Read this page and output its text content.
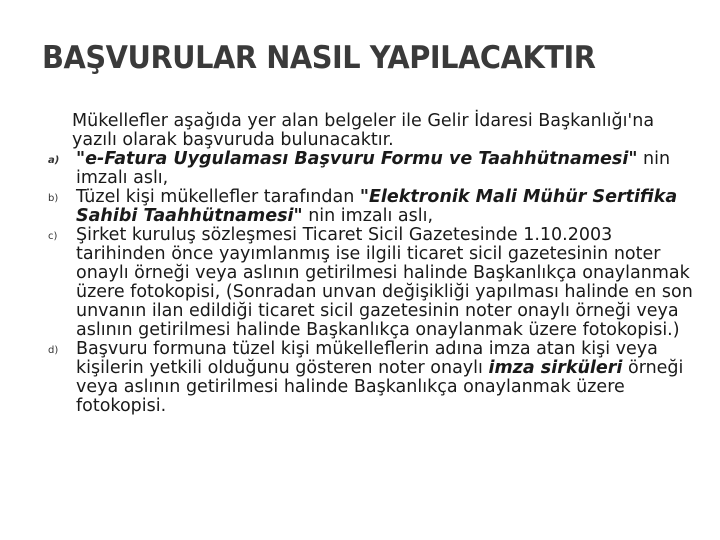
BAŞVURULAR NASIL YAPILACAKTIR
Mükellefler aşağıda yer alan belgeler ile Gelir İdaresi Başkanlığı'na yazılı olarak başvuruda bulunacaktır.
a) "e-Fatura Uygulaması Başvuru Formu ve Taahhütnamesi" nin imzalı aslı,
b) Tüzel kişi mükellefler tarafından "Elektronik Mali Mühür Sertifika Sahibi Taahhütnamesi" nin imzalı aslı,
c) Şirket kuruluş sözleşmesi Ticaret Sicil Gazetesinde 1.10.2003 tarihinden önce yayımlanmış ise ilgili ticaret sicil gazetesinin noter onaylı örneği veya aslının getirilmesi halinde Başkanlıkça onaylanmak üzere fotokopisi, (Sonradan unvan değişikliği yapılması halinde en son unvanın ilan edildiği ticaret sicil gazetesinin noter onaylı örneği veya aslının getirilmesi halinde Başkanlıkça onaylanmak üzere fotokopisi.)
d) Başvuru formuna tüzel kişi mükelleflerin adına imza atan kişi veya kişilerin yetkili olduğunu gösteren noter onaylı imza sirküleri örneği veya aslının getirilmesi halinde Başkanlıkça onaylanmak üzere fotokopisi.
